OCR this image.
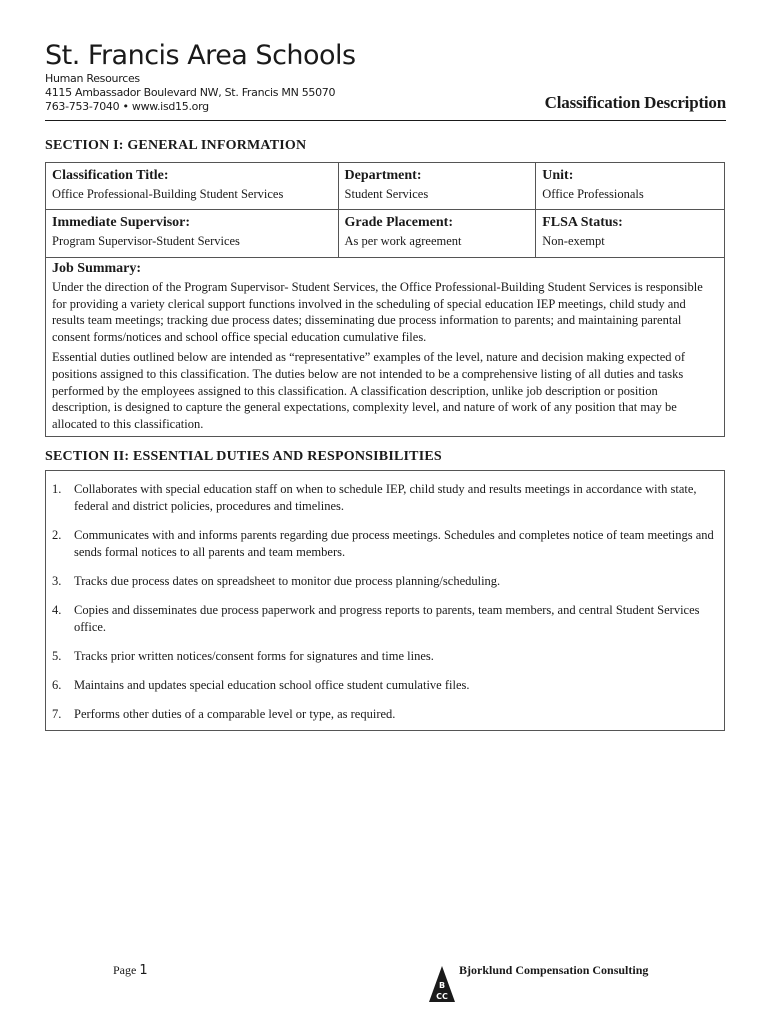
St. Francis Area Schools
Human Resources
4115 Ambassador Boulevard NW, St. Francis MN 55070
763-753-7040 • www.isd15.org	Classification Description
SECTION I: GENERAL INFORMATION
Classification Title:
Office Professional-Building Student Services	Department:
Student Services	Unit:
Office Professionals

Immediate Supervisor:
Program Supervisor-Student Services	Grade Placement:
As per work agreement	FLSA Status:
Non-exempt
Job Summary:

Under the direction of the Program Supervisor- Student Services, the Office Professional-Building Student Services is responsible for providing a variety clerical support functions involved in the scheduling of special education IEP meetings, child study and results team meetings; tracking due process dates; disseminating due process information to parents; and maintaining parental consent forms/notices and school office special education cumulative files.

Essential duties outlined below are intended as “representative” examples of the level, nature and decision making expected of positions assigned to this classification. The duties below are not intended to be a comprehensive listing of all duties and tasks performed by the employees assigned to this classification. A classification description, unlike job description or position description, is designed to capture the general expectations, complexity level, and nature of work of any position that may be allocated to this classification.

SECTION II: ESSENTIAL DUTIES AND RESPONSIBILITIES
1.	Collaborates with special education staff on when to schedule IEP, child study and results meetings in accordance with state, federal and district policies, procedures and timelines.
2.	Communicates with and informs parents regarding due process meetings. Schedules and completes notice of team meetings and sends formal notices to all parents and team members.
3.	Tracks due process dates on spreadsheet to monitor due process planning/scheduling.
4.	Copies and disseminates due process paperwork and progress reports to parents, team members, and central Student Services office.
5.	Tracks prior written notices/consent forms for signatures and time lines.
6.	Maintains and updates special education school office student cumulative files.
7.	Performs other duties of a comparable level or type, as required.
Page 1
B
CC
Bjorklund Compensation Consulting
